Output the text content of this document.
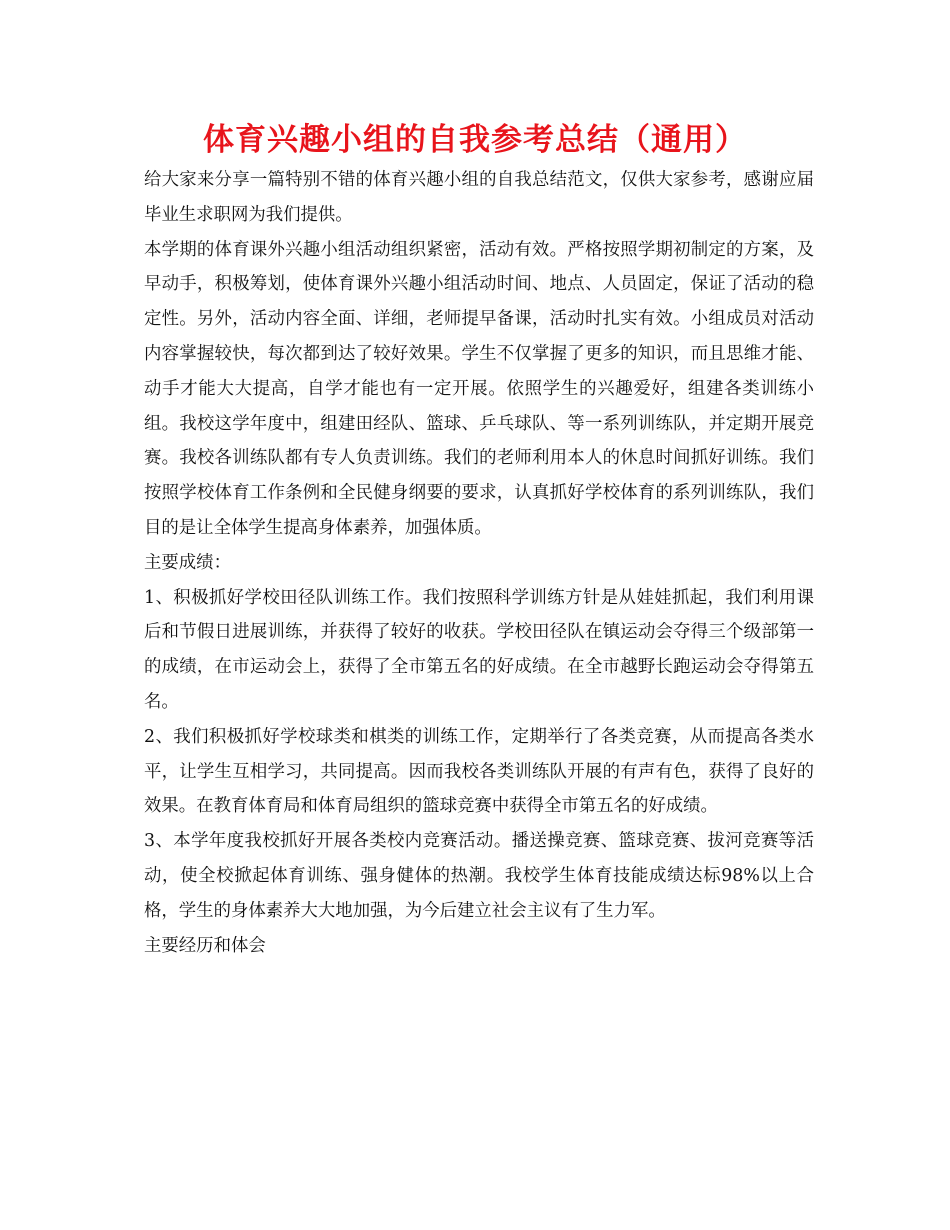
体育兴趣小组的自我参考总结（通用）

给大家来分享一篇特别不错的体育兴趣小组的自我总结范文，仅供大家参考，感谢应届毕业生求职网为我们提供。

本学期的体育课外兴趣小组活动组织紧密，活动有效。严格按照学期初制定的方案，及早动手，积极筹划，使体育课外兴趣小组活动时间、地点、人员固定，保证了活动的稳定性。另外，活动内容全面、详细，老师提早备课，活动时扎实有效。小组成员对活动内容掌握较快，每次都到达了较好效果。学生不仅掌握了更多的知识，而且思维才能、动手才能大大提高，自学才能也有一定开展。依照学生的兴趣爱好，组建各类训练小组。我校这学年度中，组建田经队、篮球、乒乓球队、等一系列训练队，并定期开展竞赛。我校各训练队都有专人负责训练。我们的老师利用本人的休息时间抓好训练。我们按照学校体育工作条例和全民健身纲要的要求，认真抓好学校体育的系列训练队，我们目的是让全体学生提高身体素养，加强体质。

主要成绩：

1、积极抓好学校田径队训练工作。我们按照科学训练方针是从娃娃抓起，我们利用课后和节假日进展训练，并获得了较好的收获。学校田径队在镇运动会夺得三个级部第一的成绩，在市运动会上，获得了全市第五名的好成绩。在全市越野长跑运动会夺得第五名。

2、我们积极抓好学校球类和棋类的训练工作，定期举行了各类竞赛，从而提高各类水平，让学生互相学习，共同提高。因而我校各类训练队开展的有声有色，获得了良好的效果。在教育体育局和体育局组织的篮球竞赛中获得全市第五名的好成绩。

3、本学年度我校抓好开展各类校内竞赛活动。播送操竞赛、篮球竞赛、拔河竞赛等活动，使全校掀起体育训练、强身健体的热潮。我校学生体育技能成绩达标98%以上合格，学生的身体素养大大地加强，为今后建立社会主议有了生力军。

主要经历和体会
